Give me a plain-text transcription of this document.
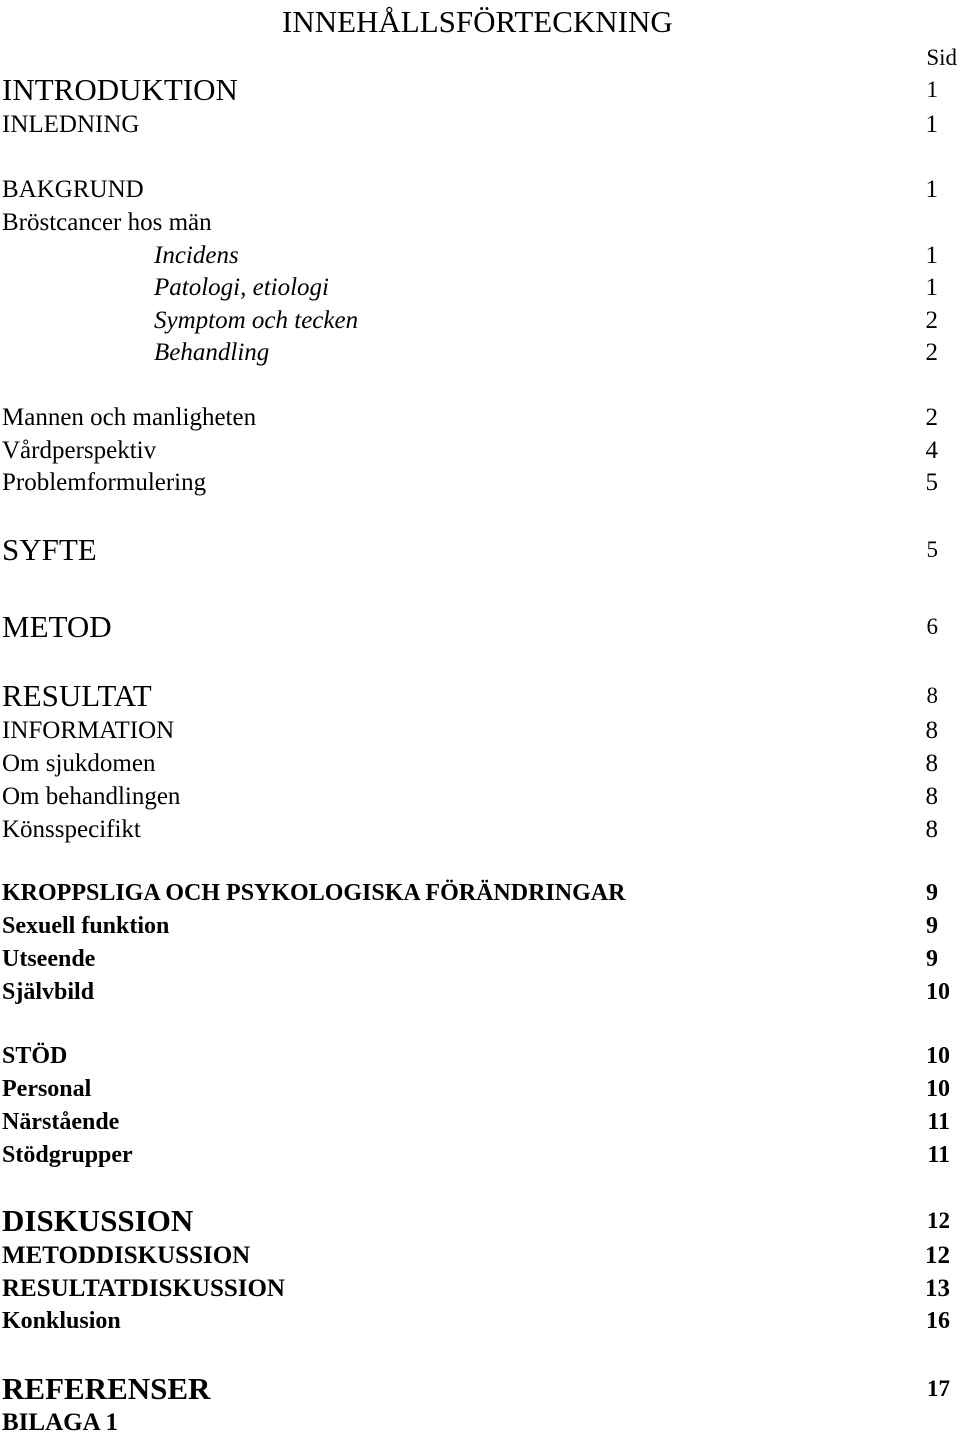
INNEHÅLLSFÖRTECKNING
Sid
INTRODUKTION	1
INLEDNING	1
BAKGRUND	1
Bröstcancer hos män
Incidens	1
Patologi, etiologi	1
Symptom och tecken	2
Behandling	2
Mannen och manligheten	2
Vårdperspektiv	4
Problemformulering	5
SYFTE	5
METOD	6
RESULTAT	8
INFORMATION	8
Om sjukdomen	8
Om behandlingen	8
Könsspecifikt	8
KROPPSLIGA OCH PSYKOLOGISKA FÖRÄNDRINGAR	9
Sexuell funktion	9
Utseende	9
Självbild	10
STÖD	10
Personal	10
Närstående	11
Stödgrupper	11
DISKUSSION	12
METODDISKUSSION	12
RESULTATDISKUSSION	13
Konklusion	16
REFERENSER	17
BILAGA 1
